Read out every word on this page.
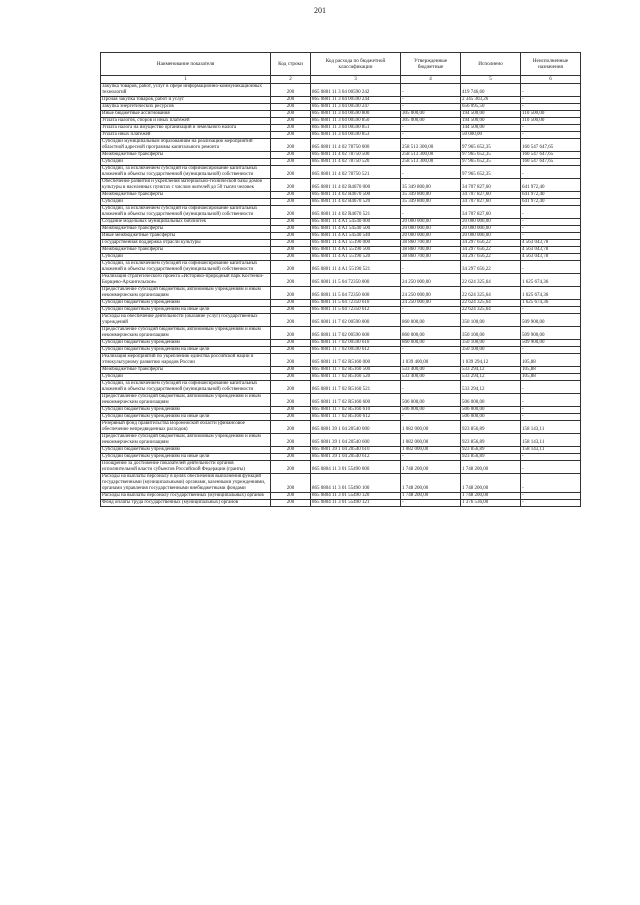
201
Наименование показателя	Код строки	Код расхода по бюджетной классификации	Утвержденные бюджетные	Исполнено	Неисполненные назначения
1	2	3	4	5	6
Закупка товаров, работ, услуг в сфере информационно-коммуникационных технологий	200	865 0801 11 3 04 00590 242	-	419 746,60	-
Прочая закупка товаров, работ и услуг	200	865 0801 11 3 04 00590 244	-	2 345 303,26	-
Закупка энергетических ресурсов	200	865 0801 11 3 04 00590 247	-	656 095,50	-
Иные бюджетные ассигнования	200	865 0801 11 3 04 00590 800	305 000,00	194 500,00	110 500,00
Уплата налогов, сборов и иных платежей	200	865 0801 11 3 04 00590 850	305 000,00	194 500,00	110 500,00
Уплата налога на имущество организаций и земельного налога	200	865 0801 11 3 04 00590 851	-	144 500,00	-
Уплата иных платежей	200	865 0801 11 3 04 00590 853	-	50 000,00	-
Субсидии муниципальным образованиям на реализацию мероприятий областной адресной программы капитального ремонта	200	865 0801 11 4 02 78750 000	258 513 300,00	97 965 652,35	160 547 647,65
Межбюджетные трансферты	200	865 0801 11 4 02 78750 500	258 513 300,00	97 965 652,35	160 547 647,65
Субсидии	200	865 0801 11 4 02 78750 520	258 513 300,00	97 965 652,35	160 547 647,65
Субсидии, за исключением субсидий на софинансирование капитальных вложений в объекты государственной (муниципальной) собственности	200	865 0801 11 4 02 78750 521	-	97 965 652,35	-
Обеспечение развития и укрепления материально-технической базы домов культуры в населенных пунктах с числом жителей до 50 тысяч человек	200	865 0801 11 4 02 R4670 000	35 349 800,00	34 707 827,60	641 972,40
Межбюджетные трансферты	200	865 0801 11 4 02 R4670 500	35 349 800,00	34 707 827,60	641 972,40
Субсидии	200	865 0801 11 4 02 R4670 520	35 349 800,00	34 707 827,60	641 972,40
Субсидии, за исключением субсидий на софинансирование капитальных вложений в объекты государственной (муниципальной) собственности	200	865 0801 11 4 02 R4670 521	-	34 707 827,60	-
Создание модельных муниципальных библиотек	200	865 0801 11 4 A1 54540 000	20 000 000,00	20 000 000,00	-
Межбюджетные трансферты	200	865 0801 11 4 A1 54540 500	20 000 000,00	20 000 000,00	-
Иные межбюджетные трансферты	200	865 0801 11 4 A1 54540 540	20 000 000,00	20 000 000,00	-
Государственная поддержка отрасли культуры	200	865 0801 11 4 A1 55190 000	38 860 700,00	34 297 656,22	4 563 043,78
Межбюджетные трансферты	200	865 0801 11 4 A1 55190 500	38 860 700,00	34 297 656,22	4 563 043,78
Субсидии	200	865 0801 11 4 A1 55190 520	38 860 700,00	34 297 656,22	4 563 043,78
Субсидии, за исключением субсидий на софинансирование капитальных вложений в объекты государственной (муниципальной) собственности	200	865 0801 11 4 A1 55190 521	-	34 297 656,22	-
Реализация стратегического проекта «Историко-природный парк Костенки-Борщево-Архангельское»	200	865 0801 11 5 04 72350 000	24 250 000,00	22 624 325,64	1 625 674,36
Предоставление субсидий бюджетным, автономным учреждениям и иным некоммерческим организациям	200	865 0801 11 5 04 72350 600	24 250 000,00	22 624 325,64	1 625 674,36
Субсидии бюджетным учреждениям	200	865 0801 11 5 04 72350 610	24 250 000,00	22 624 325,64	1 625 674,36
Субсидии бюджетным учреждениям на иные цели	200	865 0801 11 5 04 72350 612	-	22 624 325,64	-
Расходы на обеспечение деятельности (оказание услуг) государственных учреждений	200	865 0801 11 7 02 00590 000	860 000,00	350 100,00	509 900,00
Предоставление субсидий бюджетным, автономным учреждениям и иным некоммерческим организациям	200	865 0801 11 7 02 00590 600	860 000,00	350 100,00	509 900,00
Субсидии бюджетным учреждениям	200	865 0801 11 7 02 00590 610	860 000,00	350 100,00	509 900,00
Субсидии бюджетным учреждениям на иные цели	200	865 0801 11 7 02 00590 612	-	350 100,00	-
Реализация мероприятий по укреплению единства российской нации и этнокультурному развитию народов России	200	865 0801 11 7 02 R5160 000	1 039 400,00	1 039 294,12	105,88
Межбюджетные трансферты	200	865 0801 11 7 02 R5160 500	533 400,00	533 294,12	105,88
Субсидии	200	865 0801 11 7 02 R5160 520	533 400,00	533 294,12	105,88
Субсидии, за исключением субсидий на софинансирование капитальных вложений в объекты государственной (муниципальной) собственности	200	865 0801 11 7 02 R5160 521	-	533 294,12	-
Предоставление субсидий бюджетным, автономным учреждениям и иным некоммерческим организациям	200	865 0801 11 7 02 R5160 600	506 000,00	506 000,00	-
Субсидии бюджетным учреждениям	200	865 0801 11 7 02 R5160 610	506 000,00	506 000,00	-
Субсидии бюджетным учреждениям на иные цели	200	865 0801 11 7 02 R5160 612	-	506 000,00	-
Резервный фонд правительства Воронежской области (финансовое обеспечение непредвиденных расходов)	200	865 0801 39 1 04 20540 000	1 082 000,00	923 856,89	158 143,11
Предоставление субсидий бюджетным, автономным учреждениям и иным некоммерческим организациям	200	865 0801 39 1 04 20540 600	1 082 000,00	923 856,89	158 143,11
Субсидии бюджетным учреждениям	200	865 0801 39 1 04 20540 610	1 082 000,00	923 856,89	158 143,11
Субсидии бюджетным учреждениям на иные цели	200	865 0801 39 1 04 20540 612	-	923 856,89	-
Поощрение за достижение показателей деятельности органов исполнительной власти субъектов Российской Федерации (гранты)	200	865 0804 11 3 01 55490 000	1 748 200,00	1 748 200,00	-
Расходы на выплаты персоналу в целях обеспечения выполнения функций государственными (муниципальными) органами, казенными учреждениями, органами управления государственными внебюджетными фондами	200	865 0804 11 3 01 55490 100	1 748 200,00	1 748 200,00	-
Расходы на выплаты персоналу государственных (муниципальных) органов	200	865 0804 11 3 01 55490 120	1 748 200,00	1 748 200,00	-
Фонд оплаты труда государственных (муниципальных) органов	200	865 0804 11 3 01 55490 121	-	1 376 536,00	-
